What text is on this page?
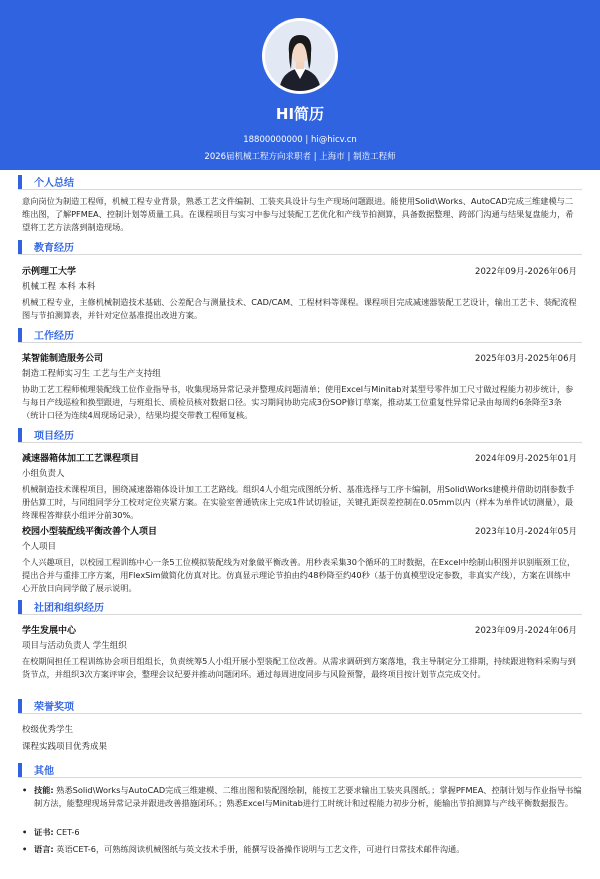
HI简历
18800000000 | hi@hicv.cn
2026届机械工程方向求职者 | 上海市 | 制造工程师
个人总结
意向岗位为制造工程师，机械工程专业背景，熟悉工艺文件编制、工装夹具设计与生产现场问题跟进。能使用Solid\Works、AutoCAD完成三维建模与二维出图，了解PFMEA、控制计划等质量工具。在课程项目与实习中参与过装配工艺优化和产线节拍测算，具备数据整理、跨部门沟通与结果复盘能力，希望将工艺方法落到制造现场。
教育经历
示例理工大学	2022年09月-2026年06月
机械工程 本科 本科
机械工程专业，主修机械制造技术基础、公差配合与测量技术、CAD/CAM、工程材料等课程。课程项目完成减速器装配工艺设计，输出工艺卡、装配流程图与节拍测算表，并针对定位基准提出改进方案。
工作经历
某智能制造服务公司	2025年03月-2025年06月
制造工程师实习生 工艺与生产支持组
协助工艺工程师梳理装配线工位作业指导书，收集现场异常记录并整理成问题清单；使用Excel与Minitab对某型号零件加工尺寸做过程能力初步统计，参与每日产线巡检和换型跟进，与班组长、质检员核对数据口径。实习期间协助完成3份SOP修订草案，推动某工位重复性异常记录由每周约6条降至3条（统计口径为连续4周现场记录），结果均提交带教工程师复核。
项目经历
减速器箱体加工工艺课程项目	2024年09月-2025年01月
小组负责人
机械制造技术课程项目，围绕减速器箱体设计加工工艺路线。组织4人小组完成图纸分析、基准选择与工序卡编制，用Solid\Works建模并借助切削参数手册估算工时，与同组同学分工校对定位夹紧方案。在实验室普通铣床上完成1件试切验证，关键孔距误差控制在0.05mm以内（样本为单件试切测量），最终课程答辩获小组评分前30%。
校园小型装配线平衡改善个人项目	2023年10月-2024年05月
个人项目
个人兴趣项目，以校园工程训练中心一条5工位模拟装配线为对象做平衡改善。用秒表采集30个循环的工时数据，在Excel中绘制山积图并识别瓶颈工位，提出合并与重排工序方案，用FlexSim做简化仿真对比。仿真显示理论节拍由约48秒降至约40秒（基于仿真模型设定参数，非真实产线），方案在训练中心开放日向同学做了展示说明。
社团和组织经历
学生发展中心	2023年09月-2024年06月
项目与活动负责人 学生组织
在校期间担任工程训练协会项目组组长，负责统筹5人小组开展小型装配工位改善。从需求调研到方案落地，我主导制定分工排期，持续跟进物料采购与到货节点，并组织3次方案评审会，整理会议纪要并推动问题闭环。通过每周进度同步与风险预警，最终项目按计划节点完成交付。
荣誉奖项
校级优秀学生
课程实践项目优秀成果
其他
• 技能: 熟悉Solid\Works与AutoCAD完成三维建模、二维出图和装配图绘制，能按工艺要求输出工装夹具图纸。；掌握PFMEA、控制计划与作业指导书编制方法，能整理现场异常记录并跟进改善措施闭环。；熟悉Excel与Minitab进行工时统计和过程能力初步分析，能输出节拍测算与产线平衡数据报告。
• 证书: CET-6
• 语言: 英语CET-6，可熟练阅读机械图纸与英文技术手册，能撰写设备操作说明与工艺文件，可进行日常技术邮件沟通。
